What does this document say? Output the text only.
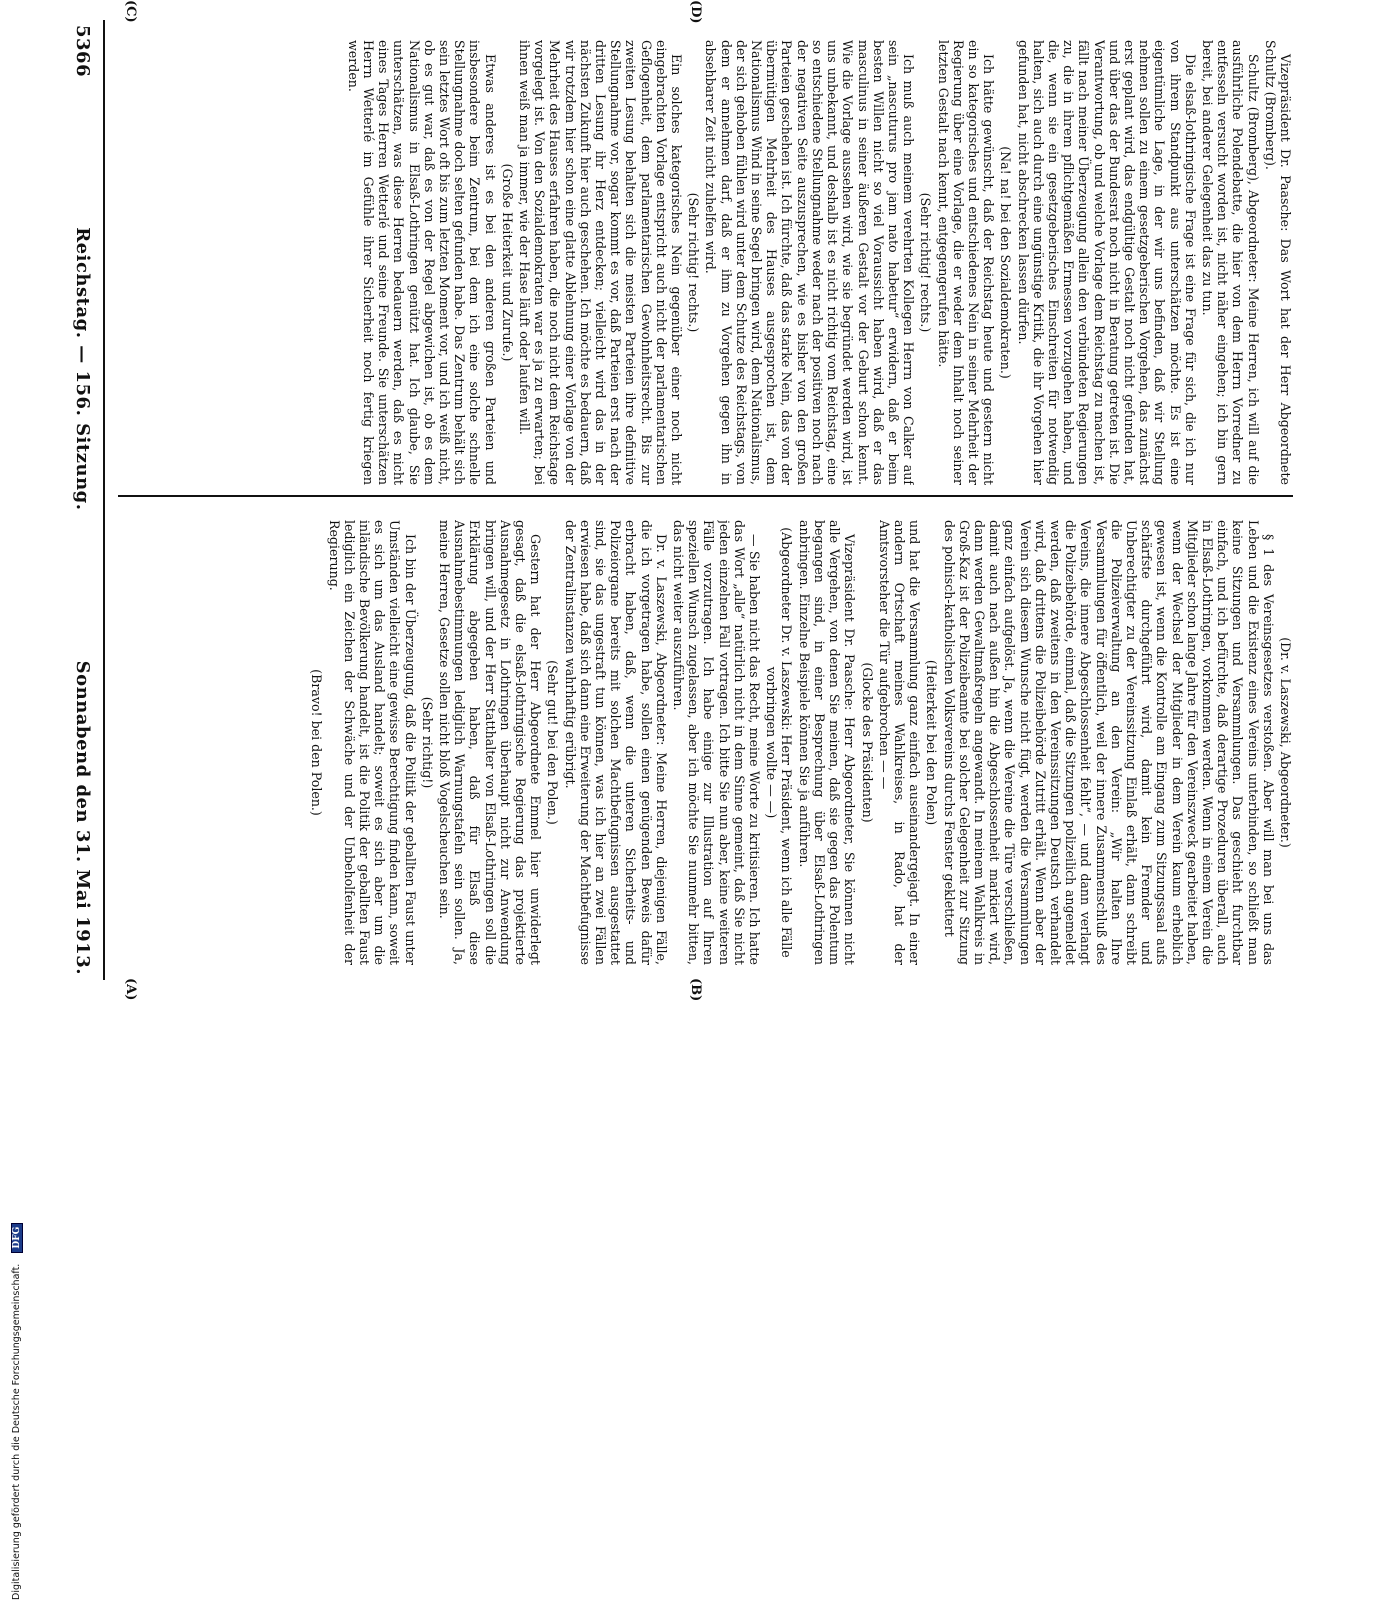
5366
Reichstag. — 156. Sitzung.
Sonnabend den 31. Mai 1913.
(A)	(B)
(C)	(D)

(Dr. v. Laszewski, Abgeordneter.)

§ 1 des Vereinsgesetzes verstoßen. Aber will man bei uns das Leben und die Existenz eines Vereins unterbinden, so schließt man keine Sitzungen und Versammlungen. Das geschieht furchtbar einfach, und ich befürchte, daß derartige Prozeduren überall, auch in Elsaß-Lothringen, vorkommen werden. Wenn in einem Verein die Mitglieder schon lange Jahre für den Vereinszweck gearbeitet haben, wenn der Wechsel der Mitglieder in dem Verein kaum erheblich gewesen ist, wenn die Kontrolle am Eingang zum Sitzungssaal aufs schärfste durchgeführt wird, damit kein Fremder und Unberechtigter zu der Vereinssitzung Einlaß erhält, dann schreibt die Polizeiverwaltung an den Verein: „Wir halten Ihre Versammlungen für öffentlich, weil der innere Zusammenschluß des Vereins, die innere Abgeschlossenheit fehlt“, — und dann verlangt die Polizeibehörde, einmal, daß die Sitzungen polizeilich angemeldet werden, daß zweitens in den Vereinssitzungen Deutsch verhandelt wird, daß drittens die Polizeibehörde Zutritt erhält. Wenn aber der Verein sich diesem Wunsche nicht fügt, werden die Versammlungen ganz einfach aufgelöst. Ja, wenn die Vereine die Türe verschließen, damit auch nach außen hin die Abgeschlossenheit markiert wird, dann werden Gewaltmaßregeln angewandt. In meinem Wahlkreis in Groß-Kaz ist der Polizeibeamte bei solcher Gelegenheit zur Sitzung des polnisch-katholischen Volksvereins durchs Fenster geklettert

(Heiterkeit bei den Polen)

und hat die Versammlung ganz einfach auseinandergejagt. In einer andern Ortschaft meines Wahlkreises, in Rado, hat der Amtsvorsteher die Tür aufgebrochen — —

(Glocke des Präsidenten)

Vizepräsident Dr. Paasche: Herr Abgeordneter, Sie können nicht alle Vergehen, von denen Sie meinen, daß sie gegen das Polentum begangen sind, in einer Besprechung über Elsaß-Lothringen anbringen. Einzelne Beispiele können Sie ja anführen.

(Abgeordneter Dr. v. Laszewski: Herr Präsident, wenn ich alle Fälle vorbringen wollte — —)

— Sie haben nicht das Recht, meine Worte zu kritisieren. Ich hatte das Wort „alle“ natürlich nicht in dem Sinne gemeint, daß Sie nicht jeden einzelnen Fall vortragen. Ich bitte Sie nun aber, keine weiteren Fälle vorzutragen. Ich habe einige zur Illustration auf Ihren speziellen Wunsch zugelassen, aber ich möchte Sie nunmehr bitten, das nicht weiter auszuführen.

Dr. v. Laszewski, Abgeordneter: Meine Herren, diejenigen Fälle, die ich vorgetragen habe, sollen einen genügenden Beweis dafür erbracht haben, daß, wenn die unteren Sicherheits- und Polizeiorgane bereits mit solchen Machtbefugnissen ausgestattet sind, sie das ungestraft tun können, was ich hier an zwei Fällen erwiesen habe, daß sich dann eine Erweiterung der Machtbefugnisse der Zentralinstanzen wahrhaftig erübrigt.

(Sehr gut! bei den Polen.)

Gestern hat der Herr Abgeordnete Emmel hier unwiderlegt gesagt, daß die elsaß-lothringische Regierung das projektierte Ausnahmegesetz in Lothringen überhaupt nicht zur Anwendung bringen will, und der Herr Statthalter von Elsaß-Lothringen soll die Erklärung abgegeben haben, daß für Elsaß diese Ausnahmebestimmungen lediglich Warnungstafeln sein sollen. Ja, meine Herren, Gesetze sollen nicht bloß Vogelscheuchen sein.

(Sehr richtig!)

Ich bin der Überzeugung, daß die Politik der geballten Faust unter Umständen vielleicht eine gewisse Berechtigung finden kann, soweit es sich um das Ausland handelt; soweit es sich aber um die inländische Bevölkerung handelt, ist die Politik der geballten Faust lediglich ein Zeichen der Schwäche und der Unbeholfenheit der Regierung.

(Bravo! bei den Polen.)

Vizepräsident Dr. Paasche: Das Wort hat der Herr Abgeordnete Schultz (Bromberg).

Schultz (Bromberg), Abgeordneter: Meine Herren, ich will auf die ausführliche Polendebatte, die hier von dem Herrn Vorredner zu entfesseln versucht worden ist, nicht näher eingehen; ich bin gern bereit, bei anderer Gelegenheit das zu tun.

Die elsaß-lothringische Frage ist eine Frage für sich, die ich nur von ihrem Standpunkt aus unterschätzen möchte. Es ist eine eigentümliche Lage, in der wir uns befinden, daß wir Stellung nehmen sollen zu einem gesetzgeberischen Vorgehen, das zunächst erst geplant wird, das endgültige Gestalt noch nicht gefunden hat, und über das der Bundesrat noch nicht in Beratung getreten ist. Die Verantwortung, ob und welche Vorlage dem Reichstag zu machen ist, fällt nach meiner Überzeugung allein den verbündeten Regierungen zu, die in ihrem pflichtgemäßen Ermessen vorzugehen haben, und die, wenn sie ein gesetzgeberisches Einschreiten für notwendig halten, sich auch durch eine ungünstige Kritik, die ihr Vorgehen hier gefunden hat, nicht abschrecken lassen dürfen.

(Na! na! bei den Sozialdemokraten.)

Ich hätte gewünscht, daß der Reichstag heute und gestern nicht ein so kategorisches und entschiedenes Nein in seiner Mehrheit der Regierung über eine Vorlage, die er weder dem Inhalt noch seiner letzten Gestalt nach kennt, entgegengerufen hätte.

(Sehr richtig! rechts.)

Ich muß auch meinem verehrten Kollegen Herrn von Calker auf sein „nascuturus pro jam nato habetur“ erwidern, daß er beim besten Willen nicht so viel Voraussicht haben wird, daß er das masculinus in seiner äußeren Gestalt vor der Geburt schon kennt. Wie die Vorlage aussehen wird, wie sie begründet werden wird, ist uns unbekannt, und deshalb ist es nicht richtig vom Reichstag, eine so entschiedene Stellungnahme weder nach der positiven noch nach der negativen Seite auszusprechen, wie es bisher von den großen Parteien geschehen ist. Ich fürchte, daß das starke Nein, das von der übermütigen Mehrheit des Hauses ausgesprochen ist, dem Nationalismus Wind in seine Segel bringen wird, dem Nationalismus, der sich gehoben fühlen wird unter dem Schutze des Reichstags, von dem er annehmen darf, daß er ihm zu Vorgehen gegen ihn in absehbarer Zeit nicht zuhelfen wird.

(Sehr richtig! rechts.)

Ein solches kategorisches Nein gegenüber einer noch nicht eingebrachten Vorlage entspricht auch nicht der parlamentarischen Geflogenheit, dem parlamentarischen Gewohnheitsrecht. Bis zur zweiten Lesung behalten sich die meisten Parteien ihre definitive Stellungnahme vor, sogar kommt es vor, daß Parteien erst nach der dritten Lesung ihr Herz entdecken; vielleicht wird das in der nächsten Zukunft hier auch geschehen. Ich möchte es bedauern, daß wir trotzdem hier schon eine glatte Ablehnung einer Vorlage von der Mehrheit des Hauses erfahren haben, die noch nicht dem Reichstage vorgelegt ist. Von den Sozialdemokraten war es ja zu erwarten; bei ihnen weiß man ja immer, wie der Hase läuft oder laufen will.

(Große Heiterkeit und Zurufe.)

Etwas anderes ist es bei den anderen großen Parteien und insbesondere beim Zentrum, bei dem ich eine solche schnelle Stellungnahme doch selten gefunden habe. Das Zentrum behält sich sein letztes Wort oft bis zum letzten Moment vor, und ich weiß nicht, ob es gut war, daß es von der Regel abgewichen ist, ob es dem Nationalismus in Elsaß-Lothringen genützt hat. Ich glaube, Sie unterschätzen, was diese Herren bedauern werden, daß es nicht eines Tages Herren Wetterlé und seine Freunde. Sie unterschätzen Herrn Wetterlé im Gefühle ihrer Sicherheit noch fertig kriegen werden.

Digitalisierung gefördert durch die Deutsche Forschungsgemeinschaft. DFG
